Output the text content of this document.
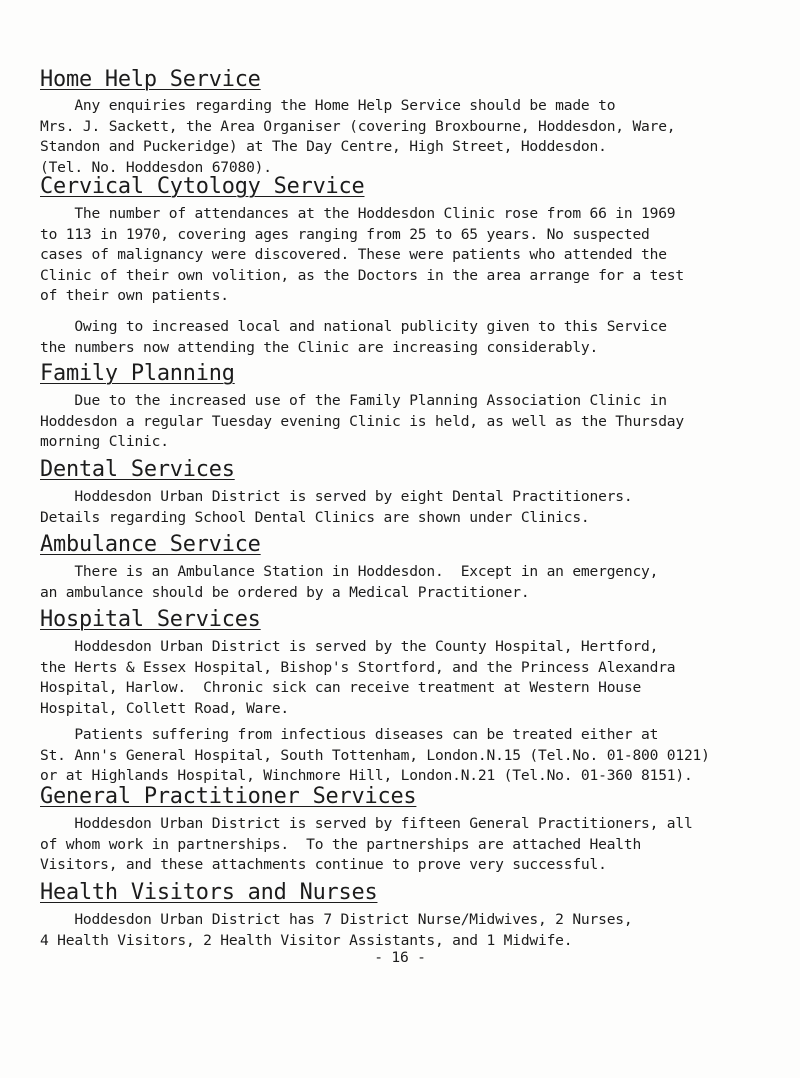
Home Help Service

Any enquiries regarding the Home Help Service should be made to
Mrs. J. Sackett, the Area Organiser (covering Broxbourne, Hoddesdon, Ware,
Standon and Puckeridge) at The Day Centre, High Street, Hoddesdon.
(Tel. No. Hoddesdon 67080).

Cervical Cytology Service

The number of attendances at the Hoddesdon Clinic rose from 66 in 1969
to 113 in 1970, covering ages ranging from 25 to 65 years. No suspected
cases of malignancy were discovered. These were patients who attended the
Clinic of their own volition, as the Doctors in the area arrange for a test
of their own patients.

Owing to increased local and national publicity given to this Service
the numbers now attending the Clinic are increasing considerably.

Family Planning

Due to the increased use of the Family Planning Association Clinic in
Hoddesdon a regular Tuesday evening Clinic is held, as well as the Thursday
morning Clinic.

Dental Services

Hoddesdon Urban District is served by eight Dental Practitioners.
Details regarding School Dental Clinics are shown under Clinics.

Ambulance Service

There is an Ambulance Station in Hoddesdon.  Except in an emergency,
an ambulance should be ordered by a Medical Practitioner.

Hospital Services

Hoddesdon Urban District is served by the County Hospital, Hertford,
the Herts & Essex Hospital, Bishop's Stortford, and the Princess Alexandra
Hospital, Harlow.  Chronic sick can receive treatment at Western House
Hospital, Collett Road, Ware.

Patients suffering from infectious diseases can be treated either at
St. Ann's General Hospital, South Tottenham, London.N.15 (Tel.No. 01-800 0121)
or at Highlands Hospital, Winchmore Hill, London.N.21 (Tel.No. 01-360 8151).

General Practitioner Services

Hoddesdon Urban District is served by fifteen General Practitioners, all
of whom work in partnerships.  To the partnerships are attached Health
Visitors, and these attachments continue to prove very successful.

Health Visitors and Nurses

Hoddesdon Urban District has 7 District Nurse/Midwives, 2 Nurses,
4 Health Visitors, 2 Health Visitor Assistants, and 1 Midwife.

- 16 -
